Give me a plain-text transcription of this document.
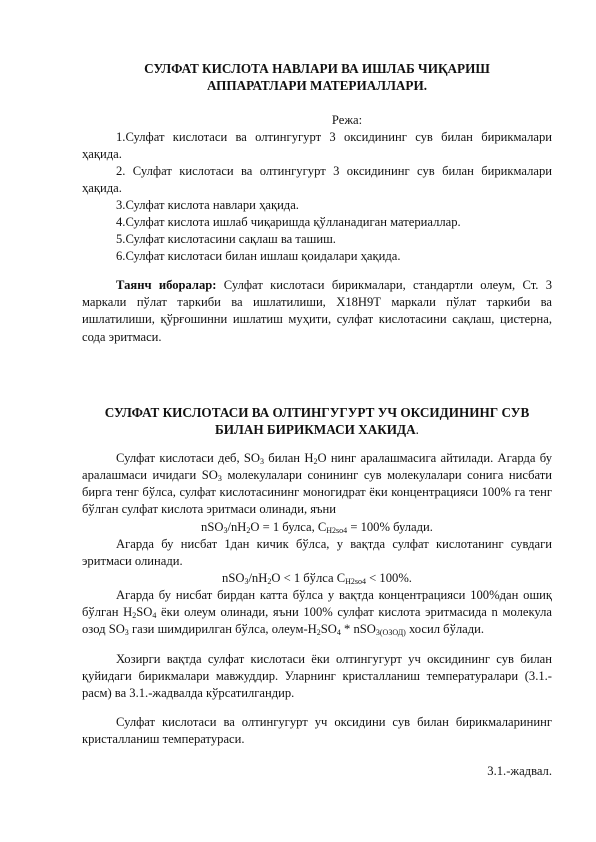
СУЛФАТ КИСЛОТА НАВЛАРИ ВА ИШЛАБ ЧИҚАРИШ
АППАРАТЛАРИ МАТЕРИАЛЛАРИ.
Режа:

1.Сулфат кислотаси ва олтингугурт 3 оксидининг сув билан бирикмалари ҳақида.

2. Сулфат кислотаси ва олтингугурт 3 оксидининг сув билан бирикмалари ҳақида.

3.Сулфат кислота навлари ҳақида.

4.Сулфат кислота ишлаб чиқаришда қўлланадиган материаллар.

5.Сулфат кислотасини сақлаш ва ташиш.

6.Сулфат кислотаси билан ишлаш қоидалари ҳақида.

Таянч иборалар: Сулфат кислотаси бирикмалари, стандартли олеум, Ст. 3 маркали пўлат таркиби ва ишлатилиши, Х18Н9Т маркали пўлат таркиби ва ишлатилиши, қўрғошинни ишлатиш муҳити, сулфат кислотасини сақлаш, цистерна, сода эритмаси.

СУЛФАТ КИСЛОТАСИ ВА ОЛТИНГУГУРТ УЧ ОКСИДИНИНГ СУВ БИЛАН БИРИКМАСИ ХАКИДА.

Сулфат кислотаси деб, $SO_3$ билан $H_2O$ нинг аралашмасига айтилади. Агарда бу аралашмаси ичидаги $SO_3$ молекулалари сонининг сув молекулалари сонига нисбати бирга тенг бўлса, сулфат кислотасининг моногидрат ёки концентрацияси 100% га тенг бўлган сулфат кислота эритмаси олинади, яъни

$nSO_3/nH_2O = 1$ булса, $С_{H2so4} = 100\%$ булади.

Агарда бу нисбат 1дан кичик бўлса, у вақтда сулфат кислотанинг сувдаги эритмаси олинади.

$nSO_3/nH_2O < 1$ бўлса $С_{H2so4} < 100\%$.

Агарда бу нисбат бирдан катта бўлса у вақтда концентрацияси 100%дан ошиқ бўлган $H_2SO_4$ ёки олеум олинади, яъни 100% сулфат кислота эритмасида n молекула озод $SO_3$ гази шимдирилган бўлса, олеум-$H_2SO_4 * nSO_{3(ОЗОД)}$ хосил бўлади.

Хозирги вақтда сулфат кислотаси ёки олтингугурт уч оксидининг сув билан қуйидаги бирикмалари мавжуддир. Уларнинг кристалланиш температуралари (3.1.-расм) ва 3.1.-жадвалда кўрсатилгандир.

Сулфат кислотаси ва олтингугурт уч оксидини сув билан бирикмаларининг кристалланиш температураси.

3.1.-жадвал.
